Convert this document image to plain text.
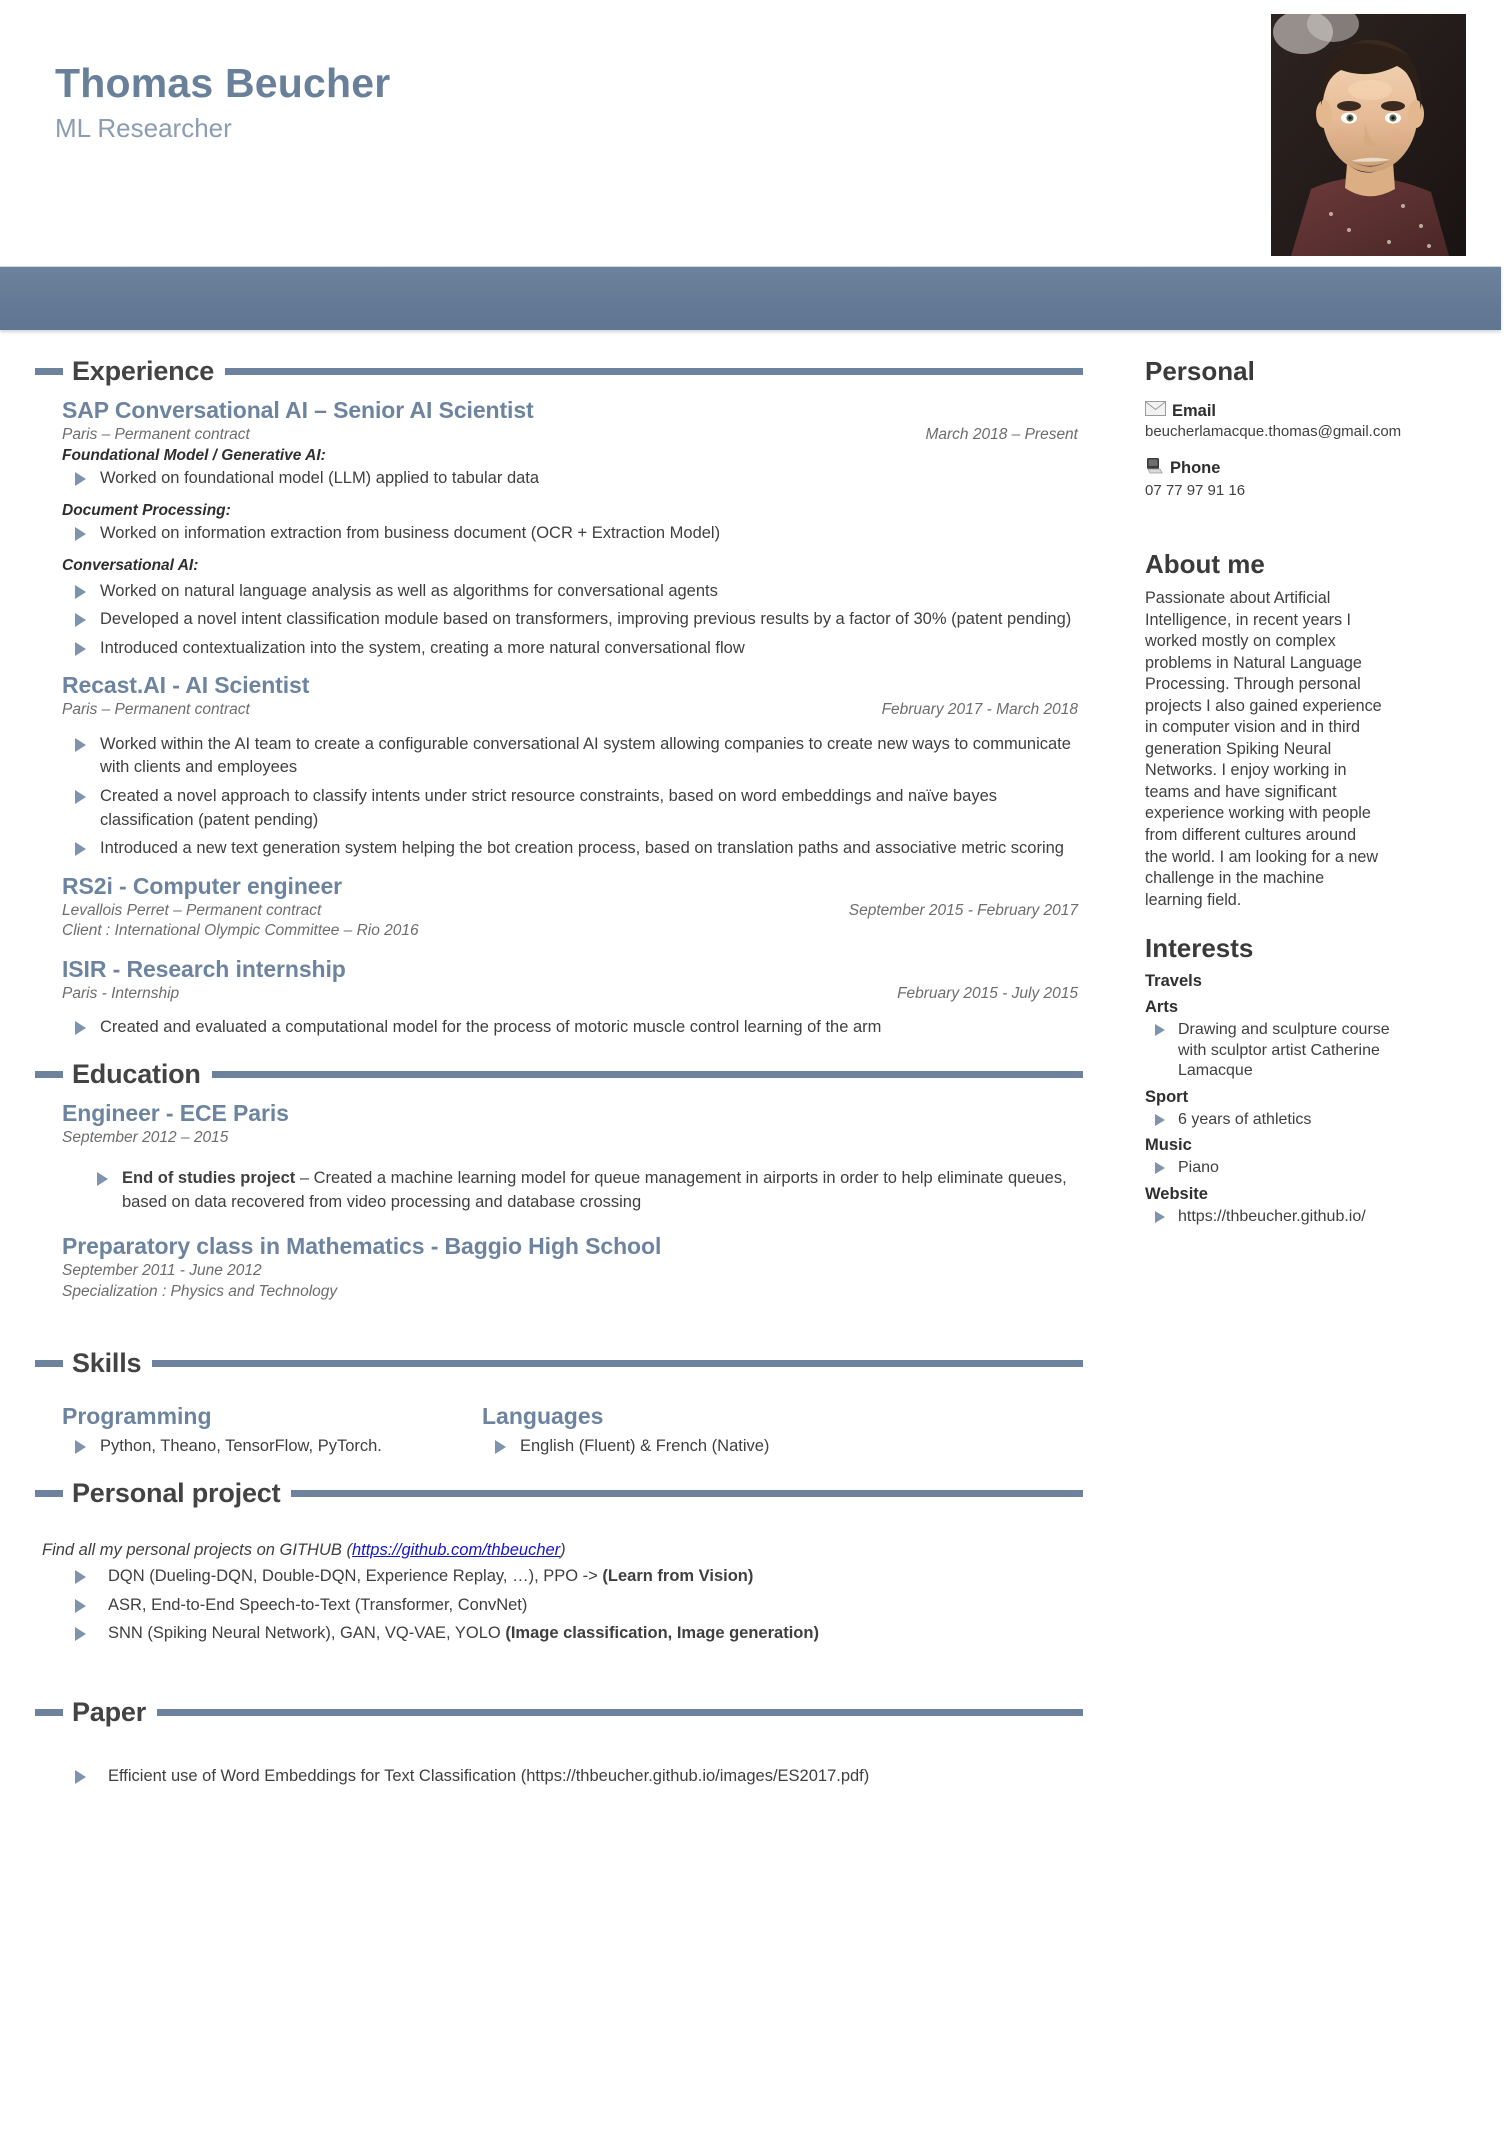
Thomas Beucher
ML Researcher
Experience
SAP Conversational AI – Senior AI Scientist
Paris – Permanent contract	March 2018 – Present
Foundational Model / Generative AI:
Worked on foundational model (LLM) applied to tabular data
Document Processing:
Worked on information extraction from business document (OCR + Extraction Model)
Conversational AI:
Worked on natural language analysis as well as algorithms for conversational agents
Developed a novel intent classification module based on transformers, improving previous results by a factor of 30% (patent pending)
Introduced contextualization into the system, creating a more natural conversational flow
Recast.AI - AI Scientist
Paris – Permanent contract	February 2017 - March 2018
Worked within the AI team to create a configurable conversational AI system allowing companies to create new ways to communicate with clients and employees
Created a novel approach to classify intents under strict resource constraints, based on word embeddings and naïve bayes classification (patent pending)
Introduced a new text generation system helping the bot creation process, based on translation paths and associative metric scoring
RS2i - Computer engineer
Levallois Perret – Permanent contract	September 2015 - February 2017
Client : International Olympic Committee – Rio 2016
ISIR - Research internship
Paris - Internship	February 2015 - July 2015
Created and evaluated a computational model for the process of motoric muscle control learning of the arm
Education
Engineer - ECE Paris
September 2012 – 2015
End of studies project – Created a machine learning model for queue management in airports in order to help eliminate queues, based on data recovered from video processing and database crossing
Preparatory class in Mathematics - Baggio High School
September 2011 - June 2012
Specialization : Physics and Technology
Skills
Programming
Python, Theano, TensorFlow, PyTorch.
Languages
English (Fluent) & French (Native)
Personal project
Find all my personal projects on GITHUB (https://github.com/thbeucher)
DQN (Dueling-DQN, Double-DQN, Experience Replay, …), PPO -> (Learn from Vision)
ASR, End-to-End Speech-to-Text (Transformer, ConvNet)
SNN (Spiking Neural Network), GAN, VQ-VAE, YOLO (Image classification, Image generation)
Paper
Efficient use of Word Embeddings for Text Classification (https://thbeucher.github.io/images/ES2017.pdf)
Personal
Email
beucherlamacque.thomas@gmail.com
Phone
07 77 97 91 16
About me
Passionate about Artificial Intelligence, in recent years I worked mostly on complex problems in Natural Language Processing. Through personal projects I also gained experience in computer vision and in third generation Spiking Neural Networks. I enjoy working in teams and have significant experience working with people from different cultures around the world. I am looking for a new challenge in the machine learning field.
Interests
Travels
Arts
Drawing and sculpture course with sculptor artist Catherine Lamacque
Sport
6 years of athletics
Music
Piano
Website
https://thbeucher.github.io/
